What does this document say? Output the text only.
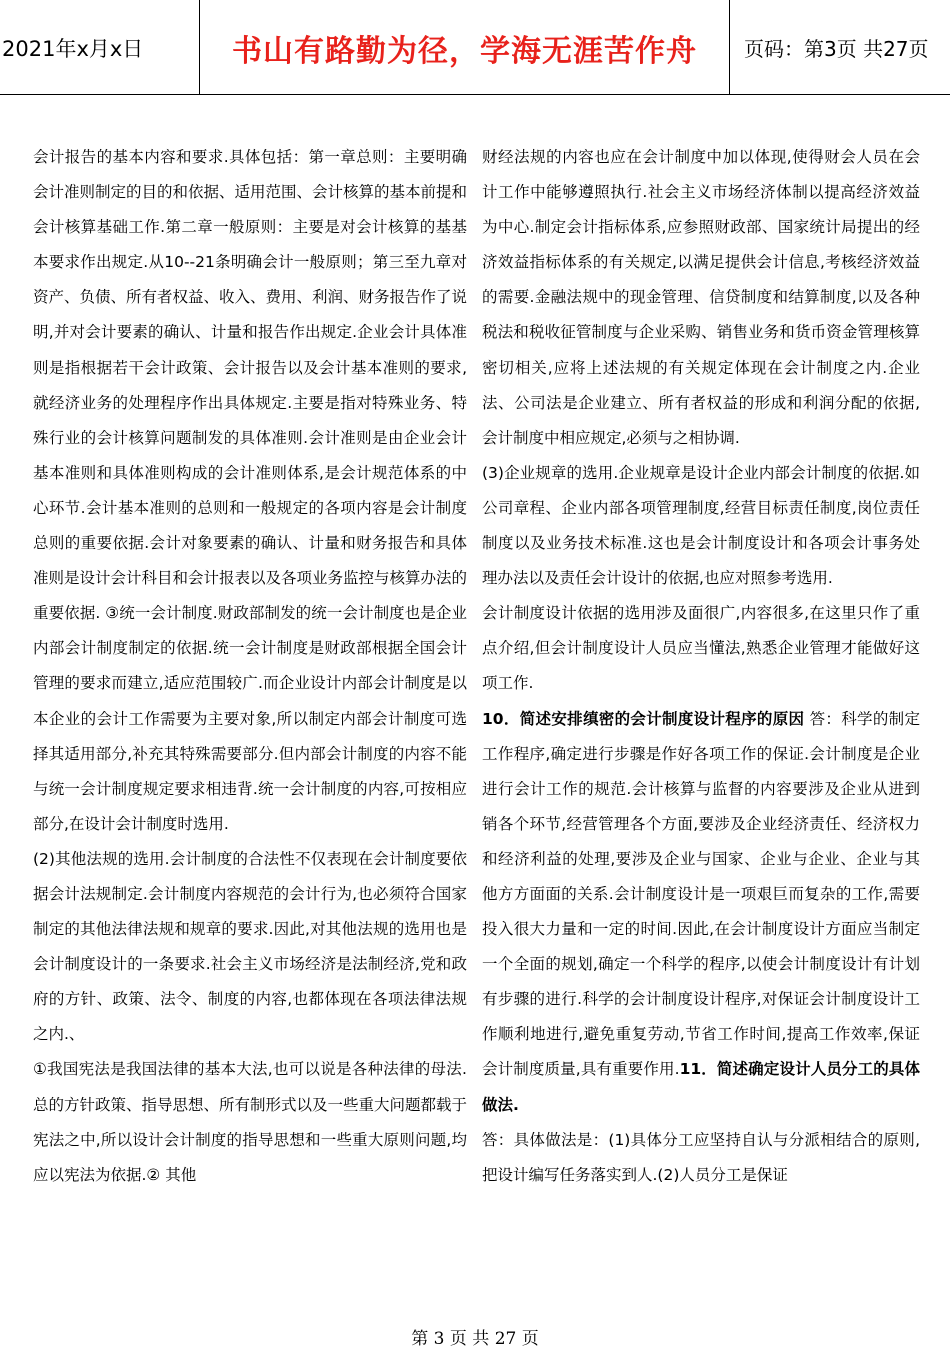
2021年x月x日	书山有路勤为径，学海无涯苦作舟	页码：第3页 共27页

会计报告的基本内容和要求.具体包括：第一章总则：主要明确会计准则制定的目的和依据、适用范围、会计核算的基本前提和会计核算基础工作.第二章一般原则：主要是对会计核算的基基本要求作出规定.从10--21条明确会计一般原则；第三至九章对资产、负债、所有者权益、收入、费用、利润、财务报告作了说明,并对会计要素的确认、计量和报告作出规定.企业会计具体准则是指根据若干会计政策、会计报告以及会计基本准则的要求,就经济业务的处理程序作出具体规定.主要是指对特殊业务、特殊行业的会计核算问题制发的具体准则.会计准则是由企业会计基本准则和具体准则构成的会计准则体系,是会计规范体系的中心环节.会计基本准则的总则和一般规定的各项内容是会计制度总则的重要依据.会计对象要素的确认、计量和财务报告和具体准则是设计会计科目和会计报表以及各项业务监控与核算办法的重要依据. ③统一会计制度.财政部制发的统一会计制度也是企业内部会计制度制定的依据.统一会计制度是财政部根据全国会计管理的要求而建立,适应范围较广.而企业设计内部会计制度是以本企业的会计工作需要为主要对象,所以制定内部会计制度可选择其适用部分,补充其特殊需要部分.但内部会计制度的内容不能与统一会计制度规定要求相违背.统一会计制度的内容,可按相应部分,在设计会计制度时选用.

(2)其他法规的选用.会计制度的合法性不仅表现在会计制度要依据会计法规制定.会计制度内容规范的会计行为,也必须符合国家制定的其他法律法规和规章的要求.因此,对其他法规的选用也是会计制度设计的一条要求.社会主义市场经济是法制经济,党和政府的方针、政策、法令、制度的内容,也都体现在各项法律法规之内.、

①我国宪法是我国法律的基本大法,也可以说是各种法律的母法.总的方针政策、指导思想、所有制形式以及一些重大问题都载于宪法之中,所以设计会计制度的指导思想和一些重大原则问题,均应以宪法为依据.② 其他

财经法规的内容也应在会计制度中加以体现,使得财会人员在会计工作中能够遵照执行.社会主义市场经济体制以提高经济效益为中心.制定会计指标体系,应参照财政部、国家统计局提出的经济效益指标体系的有关规定,以满足提供会计信息,考核经济效益的需要.金融法规中的现金管理、信贷制度和结算制度,以及各种税法和税收征管制度与企业采购、销售业务和货币资金管理核算密切相关,应将上述法规的有关规定体现在会计制度之内.企业法、公司法是企业建立、所有者权益的形成和利润分配的依据,会计制度中相应规定,必须与之相协调.

(3)企业规章的选用.企业规章是设计企业内部会计制度的依据.如公司章程、企业内部各项管理制度,经营目标责任制度,岗位责任制度以及业务技术标准.这也是会计制度设计和各项会计事务处理办法以及责任会计设计的依据,也应对照参考选用.

会计制度设计依据的选用涉及面很广,内容很多,在这里只作了重点介绍,但会计制度设计人员应当懂法,熟悉企业管理才能做好这项工作.

10．简述安排缜密的会计制度设计程序的原因 答：科学的制定工作程序,确定进行步骤是作好各项工作的保证.会计制度是企业进行会计工作的规范.会计核算与监督的内容要涉及企业从进到销各个环节,经营管理各个方面,要涉及企业经济责任、经济权力和经济利益的处理,要涉及企业与国家、企业与企业、企业与其他方方面面的关系.会计制度设计是一项艰巨而复杂的工作,需要投入很大力量和一定的时间.因此,在会计制度设计方面应当制定一个全面的规划,确定一个科学的程序,以使会计制度设计有计划有步骤的进行.科学的会计制度设计程序,对保证会计制度设计工作顺利地进行,避免重复劳动,节省工作时间,提高工作效率,保证会计制度质量,具有重要作用.11．简述确定设计人员分工的具体做法.

答：具体做法是：(1)具体分工应坚持自认与分派相结合的原则,把设计编写任务落实到人.(2)人员分工是保证

第 3 页 共 27 页
